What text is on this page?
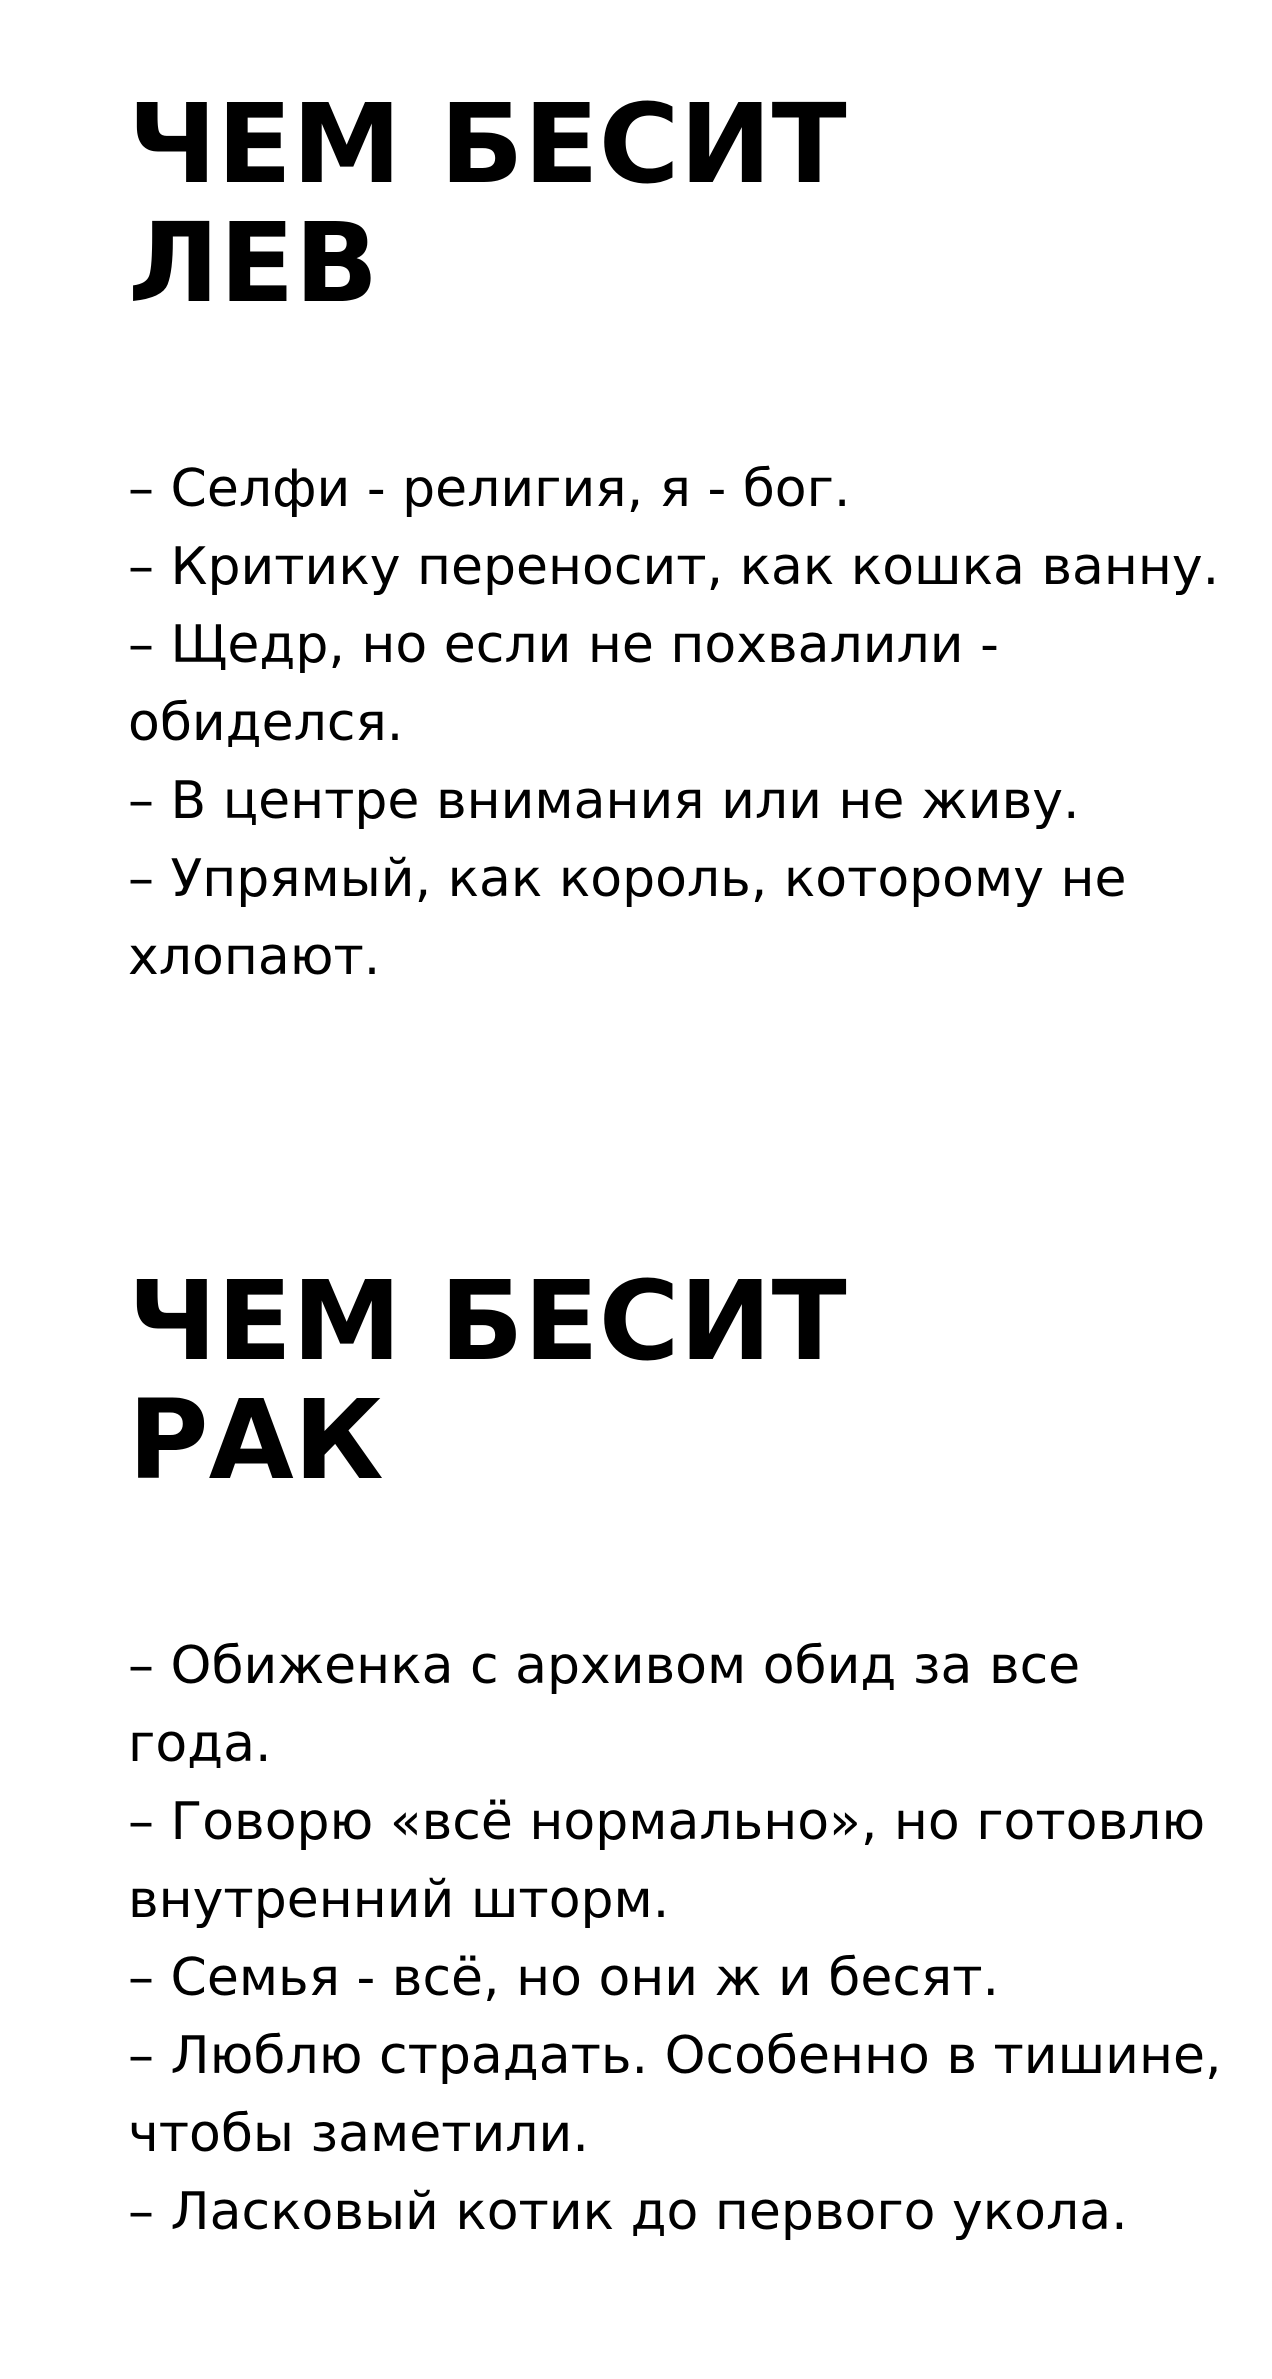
ЧЕМ БЕСИТ
ЛЕВ
– Селфи - религия, я - бог.
– Критику переносит, как кошка ванну.
– Щедр, но если не похвалили - обиделся.
– В центре внимания или не живу.
– Упрямый, как король, которому не хлопают.
ЧЕМ БЕСИТ
РАК
– Обиженка с архивом обид за все года.
– Говорю «всё нормально», но готовлю внутренний шторм.
– Семья - всё, но они ж и бесят.
– Люблю страдать. Особенно в тишине, чтобы заметили.
– Ласковый котик до первого укола.
